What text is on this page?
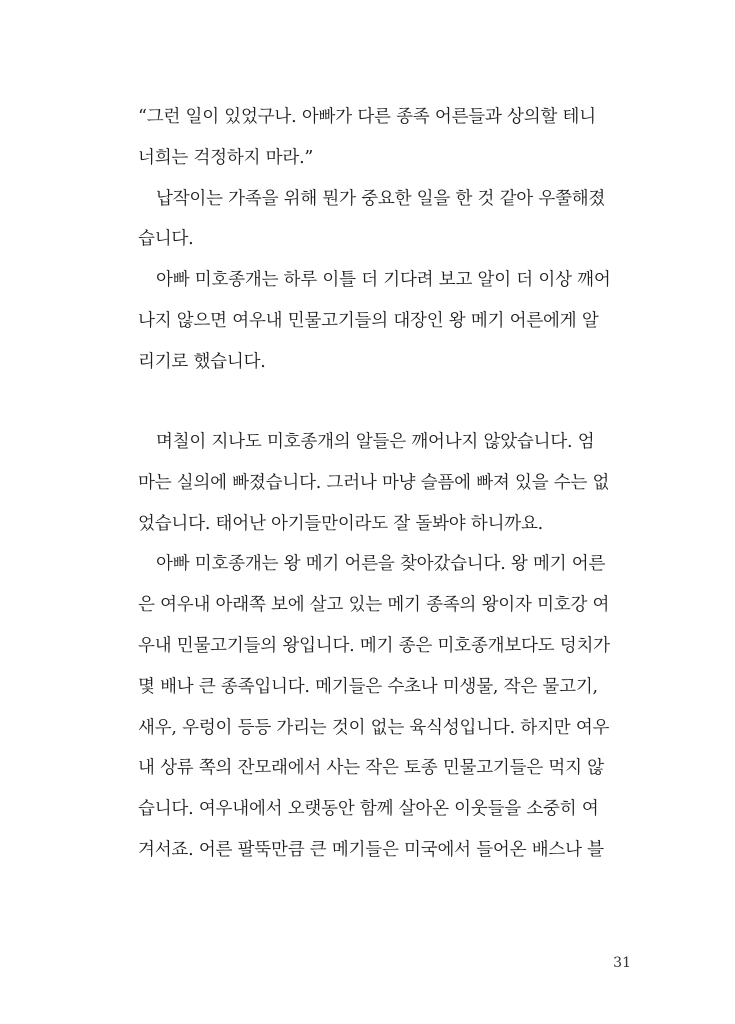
“그런 일이 있었구나. 아빠가 다른 종족 어른들과 상의할 테니
너희는 걱정하지 마라.”
납작이는 가족을 위해 뭔가 중요한 일을 한 것 같아 우쭐해졌
습니다.
아빠 미호종개는 하루 이틀 더 기다려 보고 알이 더 이상 깨어
나지 않으면 여우내 민물고기들의 대장인 왕 메기 어른에게 알
리기로 했습니다.
며칠이 지나도 미호종개의 알들은 깨어나지 않았습니다. 엄
마는 실의에 빠졌습니다. 그러나 마냥 슬픔에 빠져 있을 수는 없
었습니다. 태어난 아기들만이라도 잘 돌봐야 하니까요.
아빠 미호종개는 왕 메기 어른을 찾아갔습니다. 왕 메기 어른
은 여우내 아래쪽 보에 살고 있는 메기 종족의 왕이자 미호강 여
우내 민물고기들의 왕입니다. 메기 종은 미호종개보다도 덩치가
몇 배나 큰 종족입니다. 메기들은 수초나 미생물, 작은 물고기,
새우, 우렁이 등등 가리는 것이 없는 육식성입니다. 하지만 여우
내 상류 쪽의 잔모래에서 사는 작은 토종 민물고기들은 먹지 않
습니다. 여우내에서 오랫동안 함께 살아온 이웃들을 소중히 여
겨서죠. 어른 팔뚝만큼 큰 메기들은 미국에서 들어온 배스나 블
31
